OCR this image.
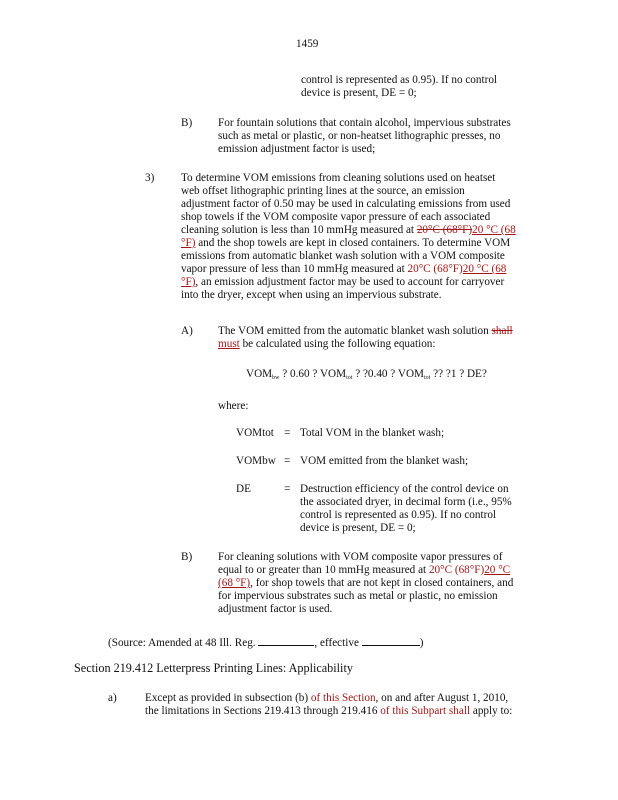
1459
control is represented as 0.95). If no control
device is present, DE = 0;
B) For fountain solutions that contain alcohol, impervious substrates
such as metal or plastic, or non-heatset lithographic presses, no
emission adjustment factor is used;
3) To determine VOM emissions from cleaning solutions used on heatset
web offset lithographic printing lines at the source, an emission
adjustment factor of 0.50 may be used in calculating emissions from used
shop towels if the VOM composite vapor pressure of each associated
cleaning solution is less than 10 mmHg measured at 20°C (68°F)20 °C (68
°F) and the shop towels are kept in closed containers. To determine VOM
emissions from automatic blanket wash solution with a VOM composite
vapor pressure of less than 10 mmHg measured at 20°C (68°F)20 °C (68
°F), an emission adjustment factor may be used to account for carryover
into the dryer, except when using an impervious substrate.
A) The VOM emitted from the automatic blanket wash solution shall
must be calculated using the following equation:
$VOM_{bw}$ ? 0.60 ? $VOM_{tot}$ ? ?0.40 ? $VOM_{tot}$ ?? ?1 ? DE?
where:
VOMtot = Total VOM in the blanket wash;
VOMbw = VOM emitted from the blanket wash;
DE	= Destruction efficiency of the control device on
the associated dryer, in decimal form (i.e., 95%
control is represented as 0.95). If no control
device is present, DE = 0;
B) For cleaning solutions with VOM composite vapor pressures of
equal to or greater than 10 mmHg measured at 20°C (68°F)20 °C
(68 °F), for shop towels that are not kept in closed containers, and
for impervious substrates such as metal or plastic, no emission
adjustment factor is used.
(Source: Amended at 48 Ill. Reg.	, effective	)
Section 219.412 Letterpress Printing Lines: Applicability
a)	Except as provided in subsection (b) of this Section, on and after August 1, 2010,
the limitations in Sections 219.413 through 219.416 of this Subpart shall apply to:
